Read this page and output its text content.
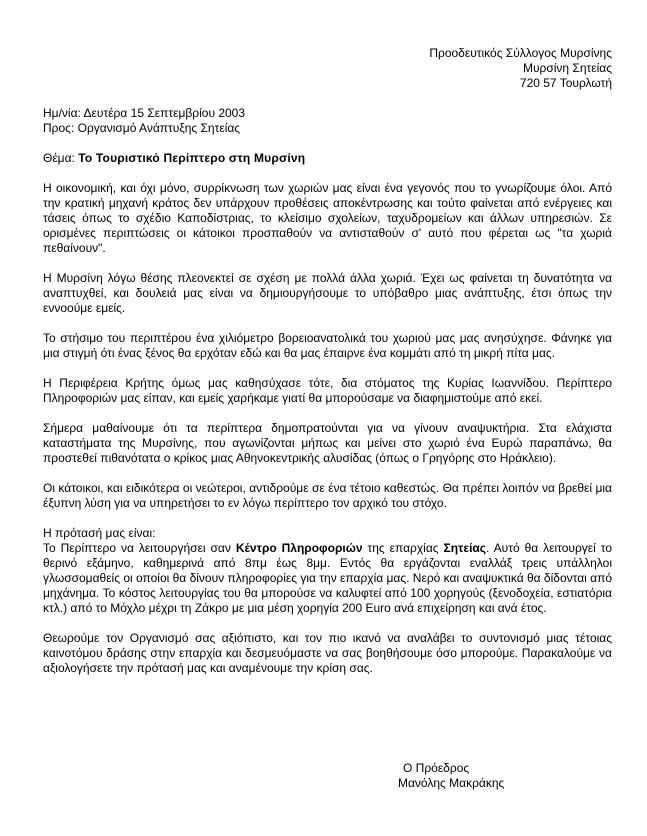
Προοδευτικός Σύλλογος Μυρσίνης
Μυρσίνη Σητείας
720 57 Τουρλωτή
Ημ/νία: Δευτέρα 15 Σεπτεμβρίου 2003
Προς: Οργανισμό Ανάπτυξης Σητείας
Θέμα: Το Τουριστικό Περίπτερο στη Μυρσίνη

Η οικονομική, και όχι μόνο, συρρίκνωση των χωριών μας είναι ένα γεγονός που το γνωρίζουμε όλοι. Από την κρατική μηχανή κράτος δεν υπάρχουν προθέσεις αποκέντρωσης και τούτο φαίνεται από ενέργειες και τάσεις όπως το σχέδιο Καποδίστριας, το κλείσιμο σχολείων, ταχυδρομείων και άλλων υπηρεσιών. Σε ορισμένες περιπτώσεις οι κάτοικοι προσπαθούν να αντισταθούν σ' αυτό που φέρεται ως "τα χωριά πεθαίνουν".

Η Μυρσίνη λόγω θέσης πλεονεκτεί σε σχέση με πολλά άλλα χωριά. Έχει ως φαίνεται τη δυνατότητα να αναπτυχθεί, και δουλειά μας είναι να δημιουργήσουμε το υπόβαθρο μιας ανάπτυξης, έτσι όπως την εννοούμε εμείς.

Το στήσιμο του περιπτέρου ένα χιλιόμετρο βορειοανατολικά του χωριού μας μας ανησύχησε. Φάνηκε για μια στιγμή ότι ένας ξένος θα ερχόταν εδώ και θα μας έπαιρνε ένα κομμάτι από τη μικρή πίτα μας.

Η Περιφέρεια Κρήτης όμως μας καθησύχασε τότε, δια στόματος της Κυρίας Ιωαννίδου. Περίπτερο Πληροφοριών μας είπαν, και εμείς χαρήκαμε γιατί θα μπορούσαμε να διαφημιστούμε από εκεί.

Σήμερα μαθαίνουμε ότι τα περίπτερα δημοπρατούνται για να γίνουν αναψυκτήρια. Στα ελάχιστα καταστήματα της Μυρσίνης, που αγωνίζονται μήπως και μείνει στο χωριό ένα Ευρώ παραπάνω, θα προστεθεί πιθανότατα ο κρίκος μιας Αθηνοκεντρικής αλυσίδας (όπως ο Γρηγόρης στο Ηράκλειο).

Οι κάτοικοι, και ειδικότερα οι νεώτεροι, αντιδρούμε σε ένα τέτοιο καθεστώς. Θα πρέπει λοιπόν να βρεθεί μια έξυπνη λύση για να υπηρετήσει το εν λόγω περίπτερο τον αρχικό του στόχο.

Η πρότασή μας είναι:
Το Περίπτερο να λειτουργήσει σαν Κέντρο Πληροφοριών της επαρχίας Σητείας. Αυτό θα λειτουργεί το θερινό εξάμηνο, καθημερινά από 8πμ έως 8μμ. Εντός θα εργάζονται εναλλάξ τρεις υπάλληλοι γλωσσομαθείς οι οποίοι θα δίνουν πληροφορίες για την επαρχία μας. Νερό και αναψυκτικά θα δίδονται από μηχάνημα. Το κόστος λειτουργίας του θα μπορούσε να καλυφτεί από 100 χορηγούς (ξενοδοχεία, εστιατόρια κτλ.) από το Μόχλο μέχρι τη Ζάκρο με μια μέση χορηγία 200 Euro ανά επιχείρηση και ανά έτος.

Θεωρούμε τον Οργανισμό σας αξιόπιστο, και τον πιο ικανό να αναλάβει το συντονισμό μιας τέτοιας καινοτόμου δράσης στην επαρχία και δεσμευόμαστε να σας βοηθήσουμε όσο μπορούμε. Παρακαλούμε να αξιολογήσετε την πρότασή μας και αναμένουμε την κρίση σας.

Ο Πρόεδρος
Μανόλης Μακράκης
